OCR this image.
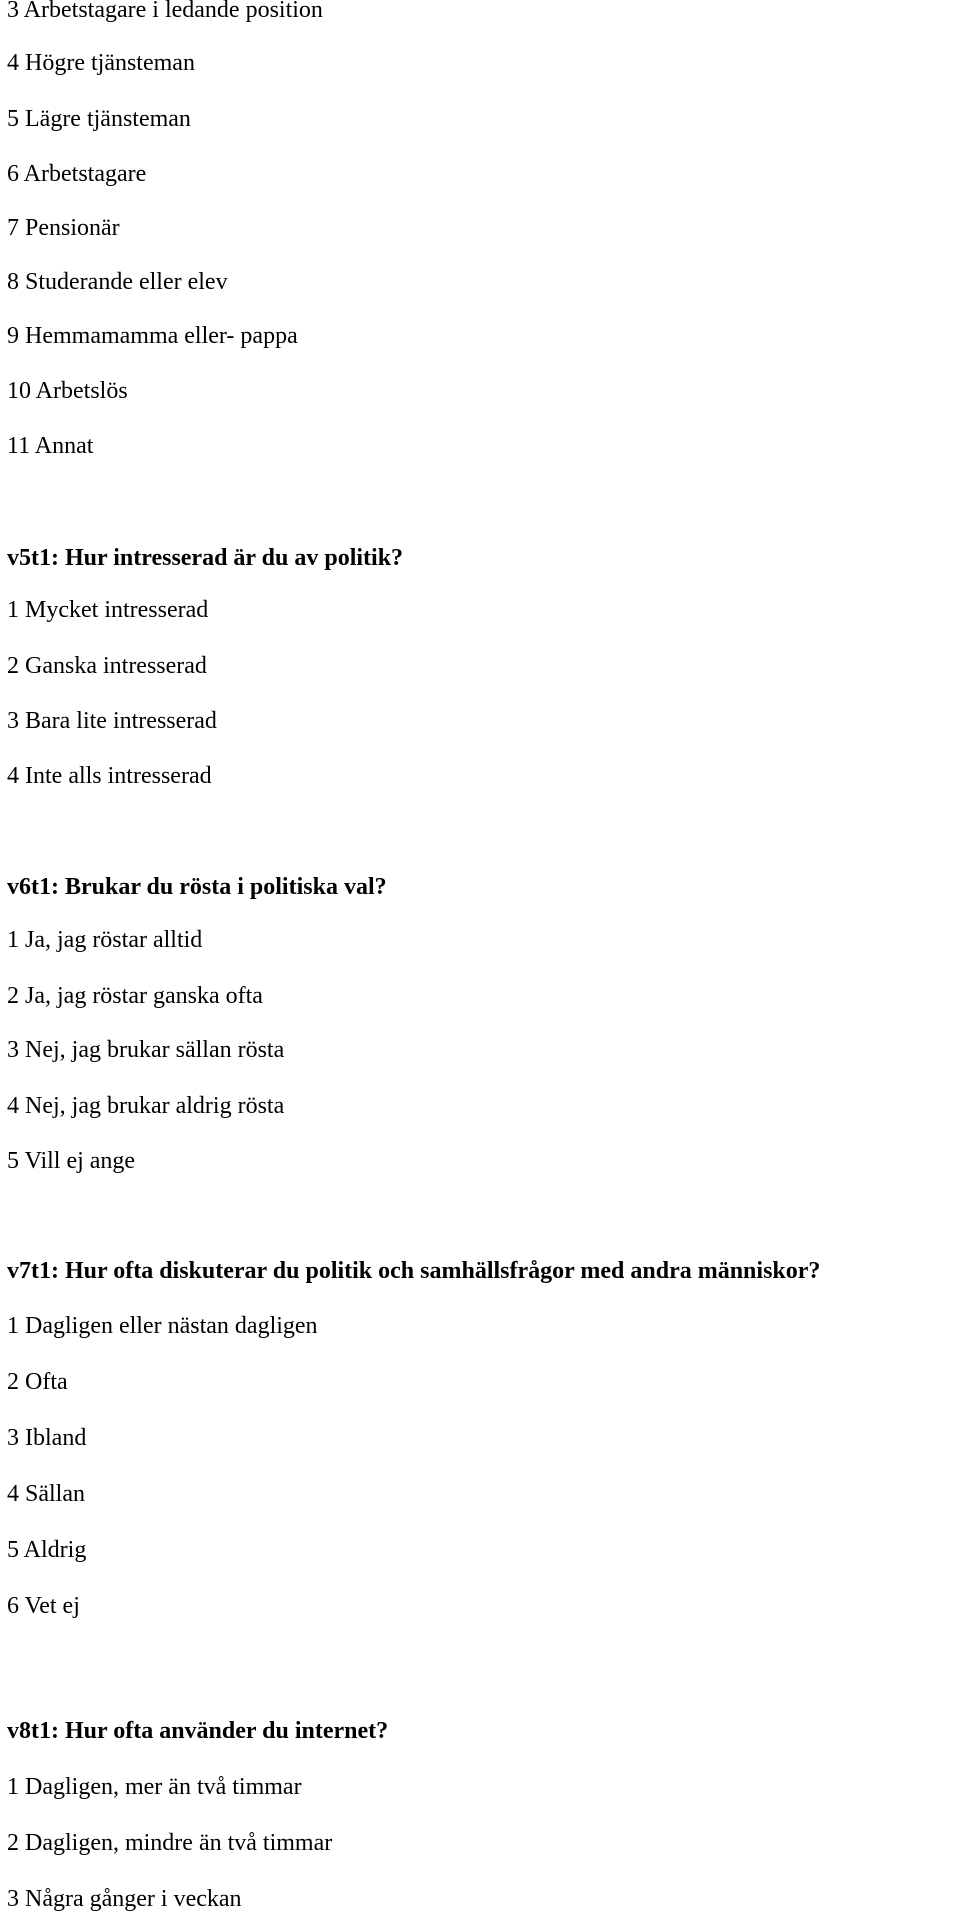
3 Arbetstagare i ledande position
4 Högre tjänsteman
5 Lägre tjänsteman
6 Arbetstagare
7 Pensionär
8 Studerande eller elev
9 Hemmamamma eller- pappa
10 Arbetslös
11 Annat
v5t1: Hur intresserad är du av politik?
1 Mycket intresserad
2 Ganska intresserad
3 Bara lite intresserad
4 Inte alls intresserad
v6t1: Brukar du rösta i politiska val?
1 Ja, jag röstar alltid
2 Ja, jag röstar ganska ofta
3 Nej, jag brukar sällan rösta
4 Nej, jag brukar aldrig rösta
5 Vill ej ange
v7t1: Hur ofta diskuterar du politik och samhällsfrågor med andra människor?
1 Dagligen eller nästan dagligen
2 Ofta
3 Ibland
4 Sällan
5 Aldrig
6 Vet ej
v8t1: Hur ofta använder du internet?
1 Dagligen, mer än två timmar
2 Dagligen, mindre än två timmar
3 Några gånger i veckan
